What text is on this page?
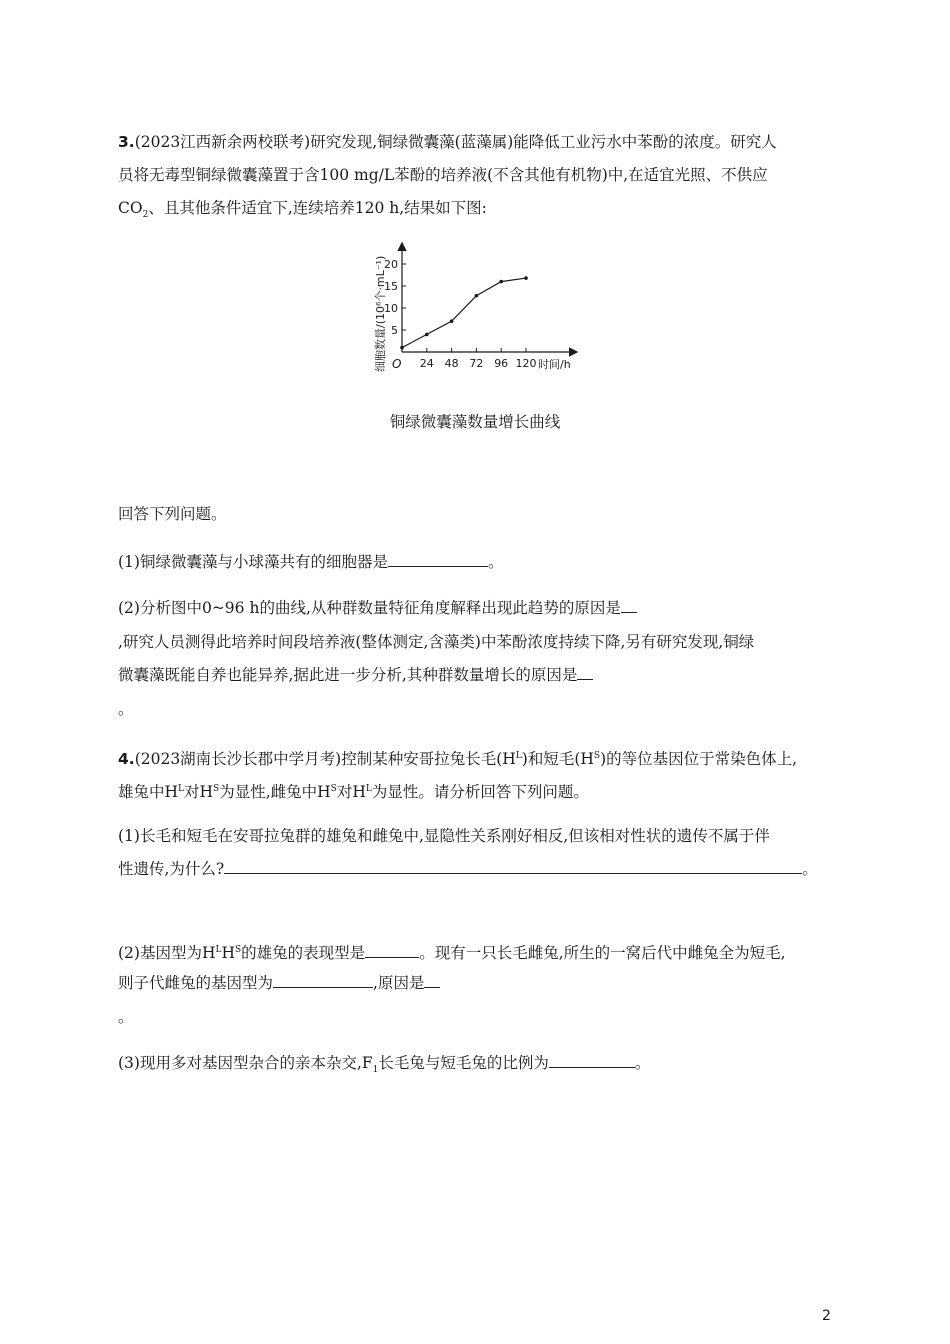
3.(2023江西新余两校联考)研究发现,铜绿微囊藻(蓝藻属)能降低工业污水中苯酚的浓度。研究人
员将无毒型铜绿微囊藻置于含100 mg/L苯酚的培养液(不含其他有机物)中,在适宜光照、不供应
$CO_2$、且其他条件适宜下,连续培养120 h,结果如下图:
5
10
15
20
24 48 72 96 120
O	时间/h
细胞数量/(10⁶个·mL⁻¹)
铜绿微囊藻数量增长曲线
回答下列问题。
(1)铜绿微囊藻与小球藻共有的细胞器是	。
(2)分析图中0~96 h的曲线,从种群数量特征角度解释出现此趋势的原因是
,研究人员测得此培养时间段培养液(整体测定,含藻类)中苯酚浓度持续下降,另有研究发现,铜绿
微囊藻既能自养也能异养,据此进一步分析,其种群数量增长的原因是
。
4.(2023湖南长沙长郡中学月考)控制某种安哥拉兔长毛$(H^L)$和短毛$(H^S)$的等位基因位于常染色体上,
雄兔中$H^L$对$H^S$为显性,雌兔中$H^S$对$H^L$为显性。请分析回答下列问题。
(1)长毛和短毛在安哥拉兔群的雄兔和雌兔中,显隐性关系刚好相反,但该相对性状的遗传不属于伴
性遗传,为什么?	。
(2)基因型为$H^LH^S$的雄兔的表现型是	。现有一只长毛雌兔,所生的一窝后代中雌兔全为短毛,
则子代雌兔的基因型为	,原因是
。
(3)现用多对基因型杂合的亲本杂交$,F_1$长毛兔与短毛兔的比例为	。
2
